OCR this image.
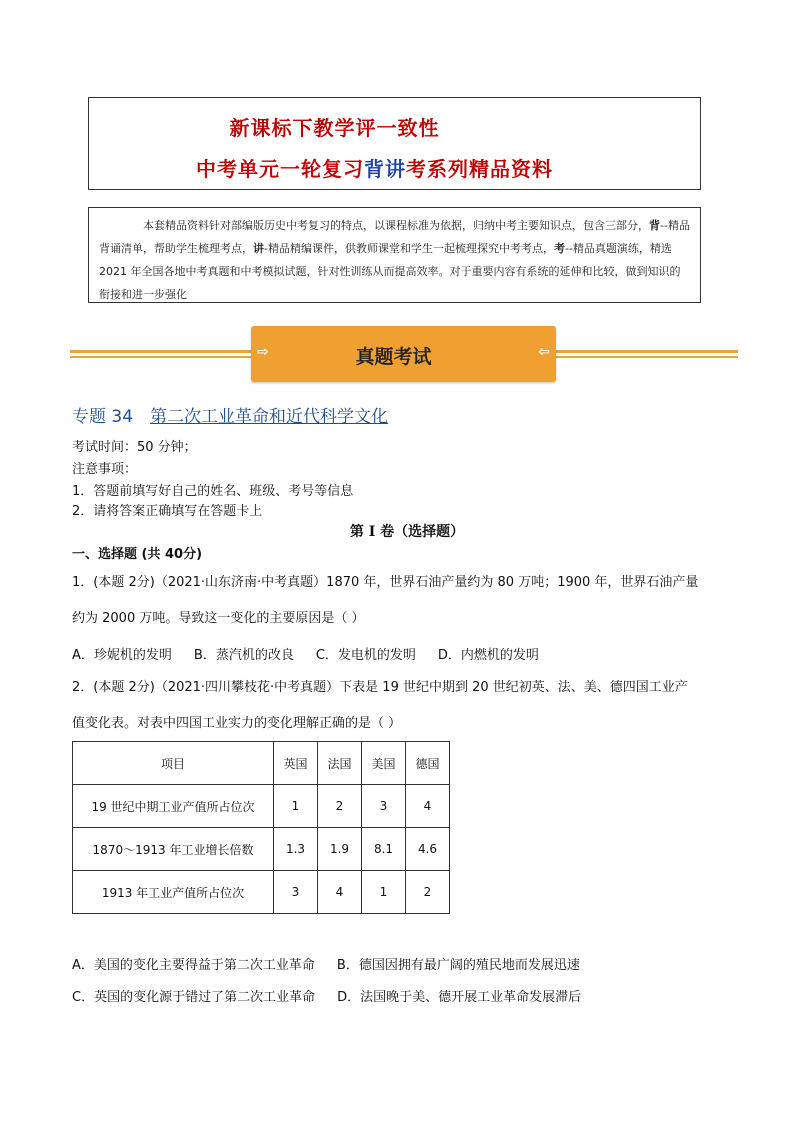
新课标下教学评一致性
中考单元一轮复习背讲考系列精品资料
    本套精品资料针对部编版历史中考复习的特点，以课程标准为依据，归纳中考主要知识点，包含三部分，背--精品背诵清单，帮助学生梳理考点，讲-精品精编课件，供教师课堂和学生一起梳理探究中考考点，考--精品真题演练，精选 2021 年全国各地中考真题和中考模拟试题，针对性训练从而提高效率。对于重要内容有系统的延伸和比较，做到知识的衔接和进一步强化
⇨	真题考试	⇦
专题 34  第二次工业革命和近代科学文化
考试时间：50 分钟；
注意事项：
1．答题前填写好自己的姓名、班级、考号等信息
2．请将答案正确填写在答题卡上
第 I 卷（选择题）
一、选择题 (共 40分)
1．(本题 2分)（2021·山东济南·中考真题）1870 年，世界石油产量约为 80 万吨；1900 年，世界石油产量
约为 2000 万吨。导致这一变化的主要原因是（ ）
A．珍妮机的发明 B．蒸汽机的改良 C．发电机的发明 D．内燃机的发明
2．(本题 2分)（2021·四川攀枝花·中考真题）下表是 19 世纪中期到 20 世纪初英、法、美、德四国工业产
值变化表。对表中四国工业实力的变化理解正确的是（ ）
项目	英国	法国	美国	德国
19 世纪中期工业产值所占位次	1	2	3	4
1870～1913 年工业增长倍数	1.3	1.9	8.1	4.6
1913 年工业产值所占位次	3	4	1	2
A．美国的变化主要得益于第二次工业革命 B．德国因拥有最广阔的殖民地而发展迅速
C．英国的变化源于错过了第二次工业革命 D．法国晚于美、德开展工业革命发展滞后
